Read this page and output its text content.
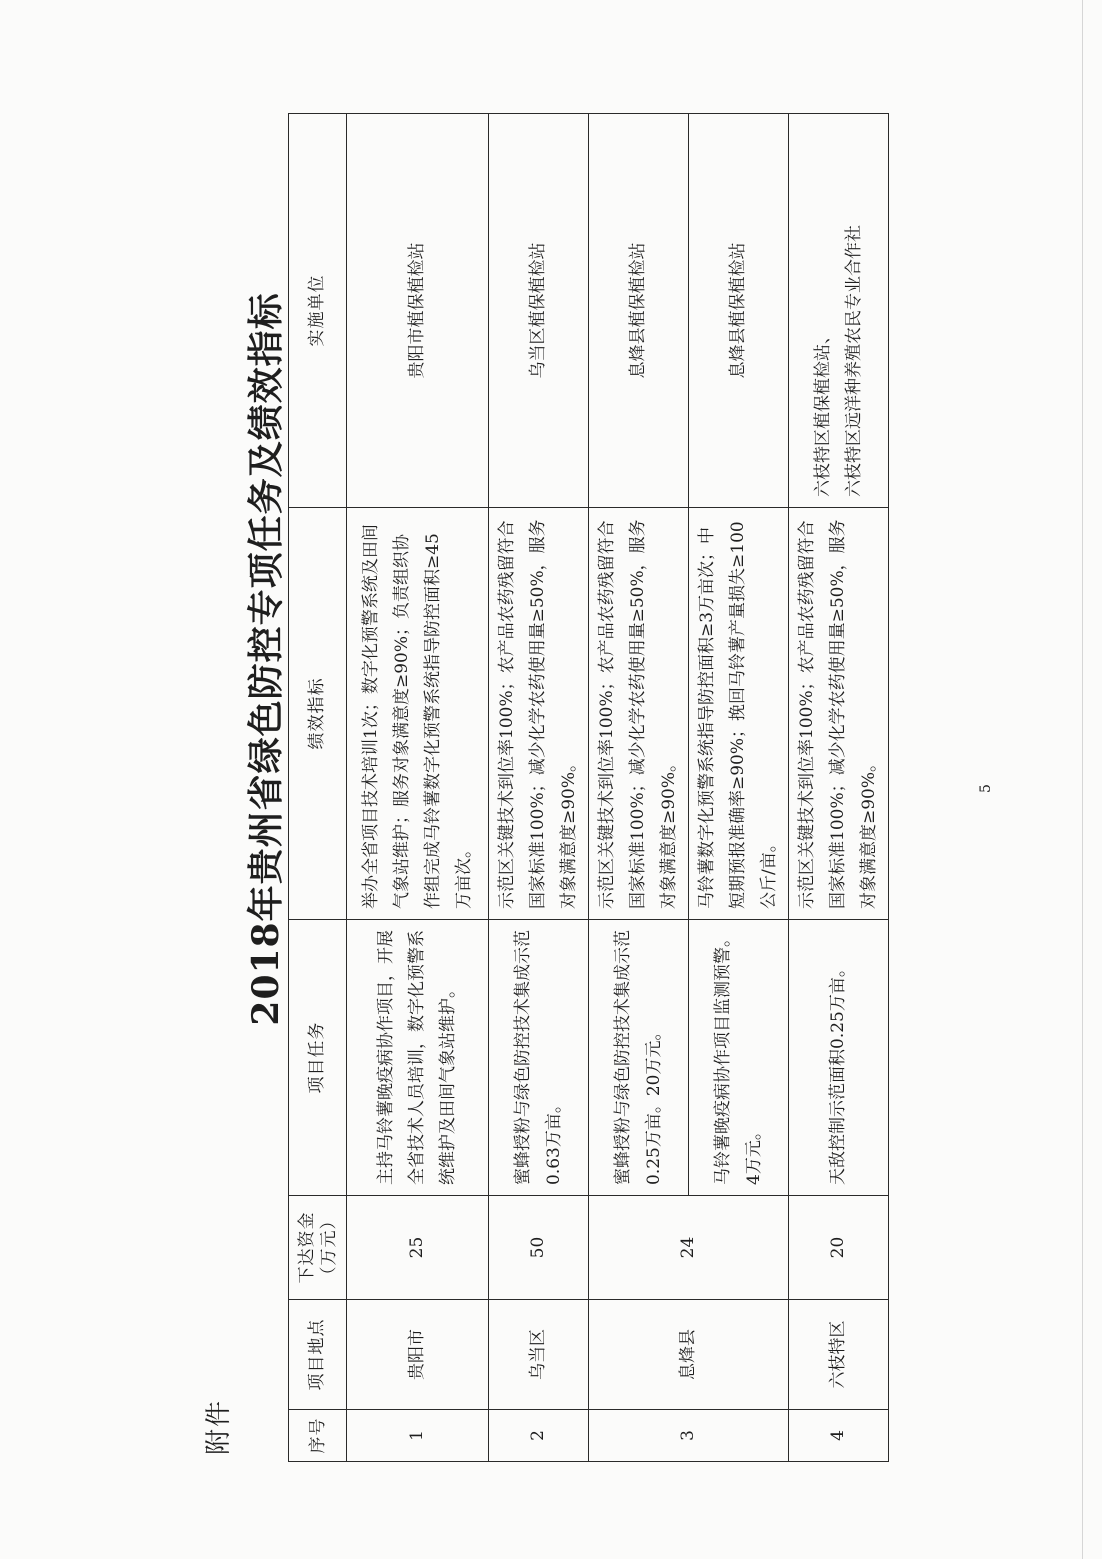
附件
2018年贵州省绿色防控专项任务及绩效指标
序号	项目地点	下达资金 （万元）	项目任务	绩效指标	实施单位
1	贵阳市	25	主持马铃薯晚疫病协作项目，开展全省技术人员培训，数字化预警系统维护及田间气象站维护。	举办全省项目技术培训1次；数字化预警系统及田间气象站维护；服务对象满意度≥90%；负责组织协作组完成马铃薯数字化预警系统指导防控面积≥45万亩次。	贵阳市植保植检站
2	乌当区	50	蜜蜂授粉与绿色防控技术集成示范0.63万亩。	示范区关键技术到位率100%；农产品农药残留符合国家标准100%；减少化学农药使用量≥50%，服务对象满意度≥90%。	乌当区植保植检站
3	息烽县	24	蜜蜂授粉与绿色防控技术集成示范0.25万亩。20万元。	示范区关键技术到位率100%；农产品农药残留符合国家标准100%；减少化学农药使用量≥50%，服务对象满意度≥90%。	息烽县植保植检站
			马铃薯晚疫病协作项目监测预警。4万元。	马铃薯数字化预警系统指导防控面积≥3万亩次；中短期预报准确率≥90%；挽回马铃薯产量损失≥100公斤/亩。	息烽县植保植检站
4	六枝特区	20	天敌控制示范面积0.25万亩。	示范区关键技术到位率100%；农产品农药残留符合国家标准100%；减少化学农药使用量≥50%，服务对象满意度≥90%。	六枝特区植保植检站、 六枝特区远洋种养殖农民专业合作社
5
